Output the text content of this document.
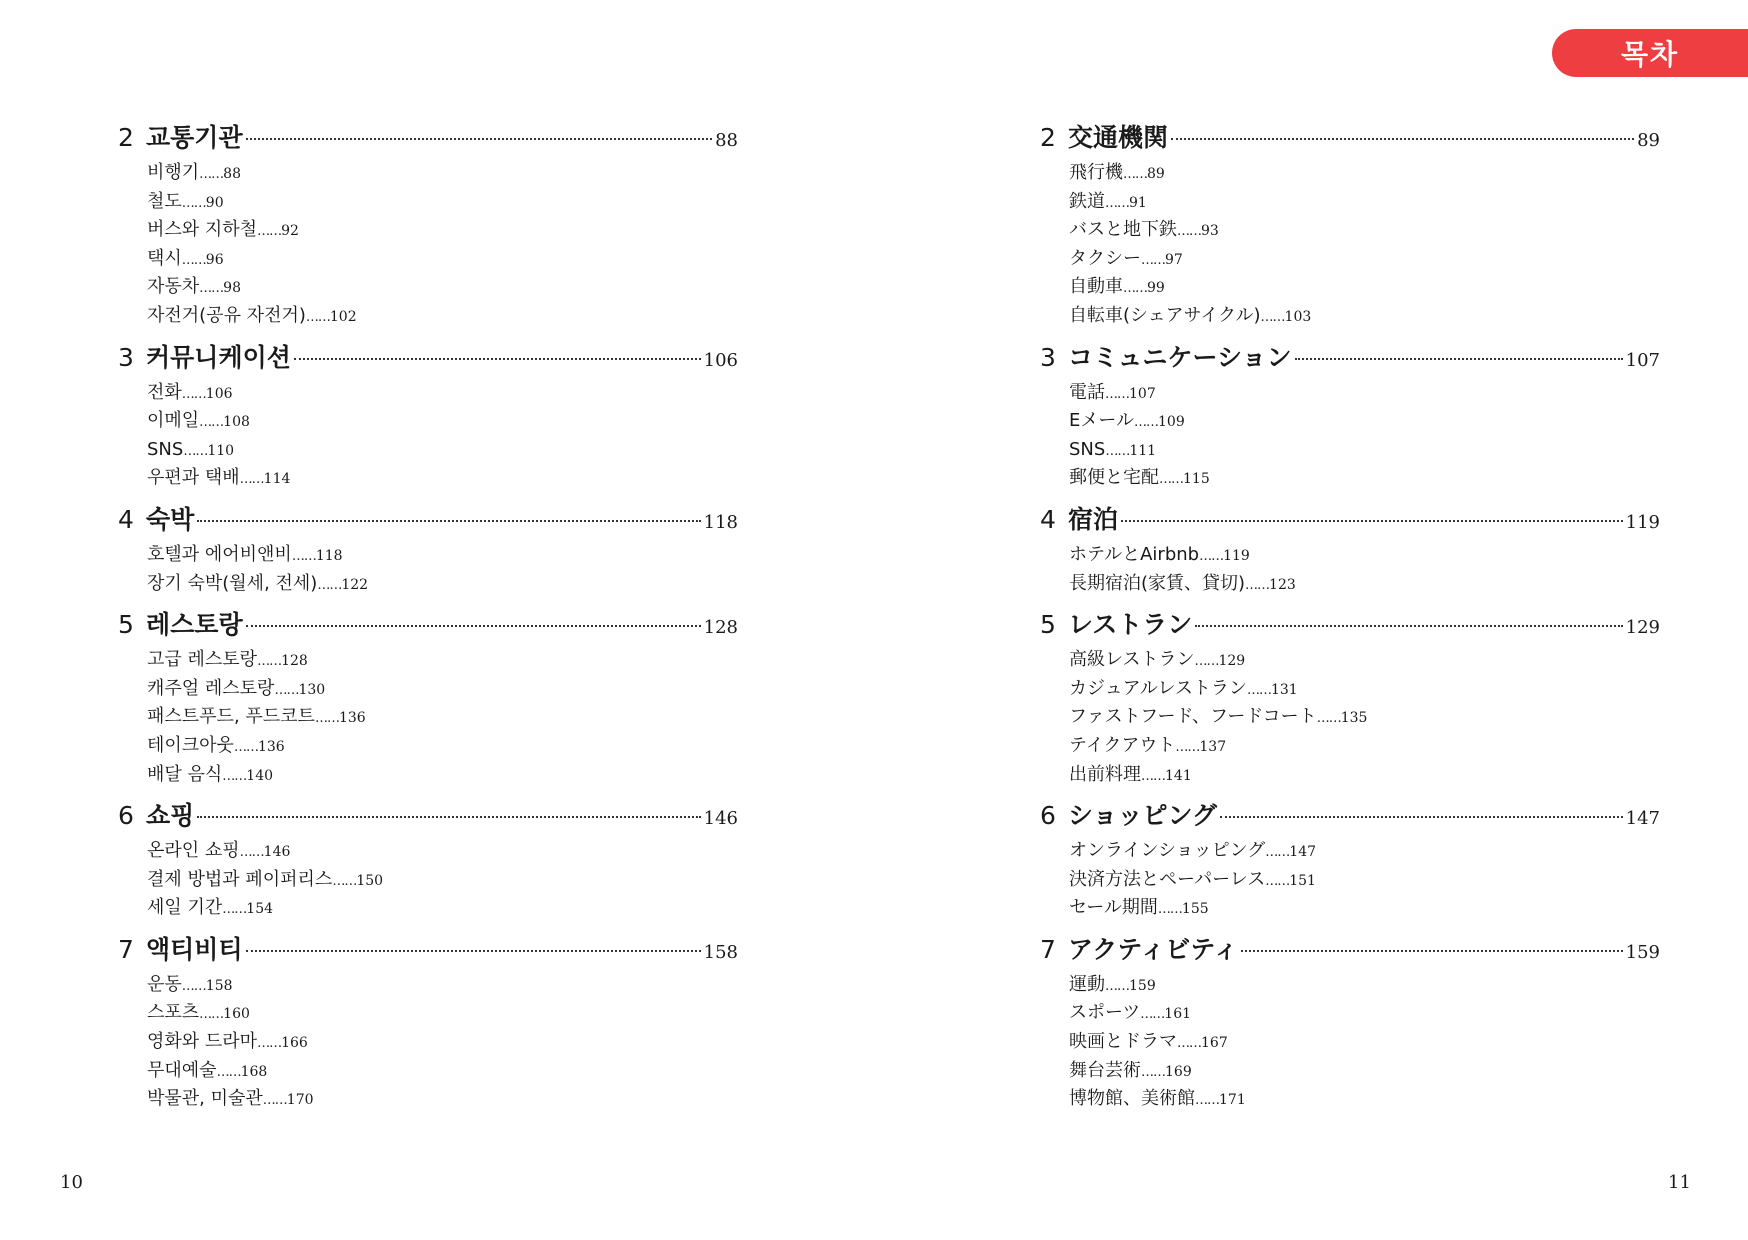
목차
2 교통기관	88
비행기……88
철도……90
버스와 지하철……92
택시……96
자동차……98
자전거(공유 자전거)……102
3 커뮤니케이션	106
전화……106
이메일……108
SNS……110
우편과 택배……114
4 숙박	118
호텔과 에어비앤비……118
장기 숙박(월세, 전세)……122
5 레스토랑	128
고급 레스토랑……128
캐주얼 레스토랑……130
패스트푸드, 푸드코트……136
테이크아웃……136
배달 음식……140
6 쇼핑	146
온라인 쇼핑……146
결제 방법과 페이퍼리스……150
세일 기간……154
7 액티비티	158
운동……158
스포츠……160
영화와 드라마……166
무대예술……168
박물관, 미술관……170
2 交通機関	89
飛行機……89
鉄道……91
バスと地下鉄……93
タクシー……97
自動車……99
自転車(シェアサイクル)……103
3 コミュニケーション	107
電話……107
Eメール……109
SNS……111
郵便と宅配……115
4 宿泊	119
ホテルとAirbnb……119
長期宿泊(家賃、貸切)……123
5 レストラン	129
高級レストラン……129
カジュアルレストラン……131
ファストフード、フードコート……135
テイクアウト……137
出前料理……141
6 ショッピング	147
オンラインショッピング……147
決済方法とペーパーレス……151
セール期間……155
7 アクティビティ	159
運動……159
スポーツ……161
映画とドラマ……167
舞台芸術……169
博物館、美術館……171
10	11
